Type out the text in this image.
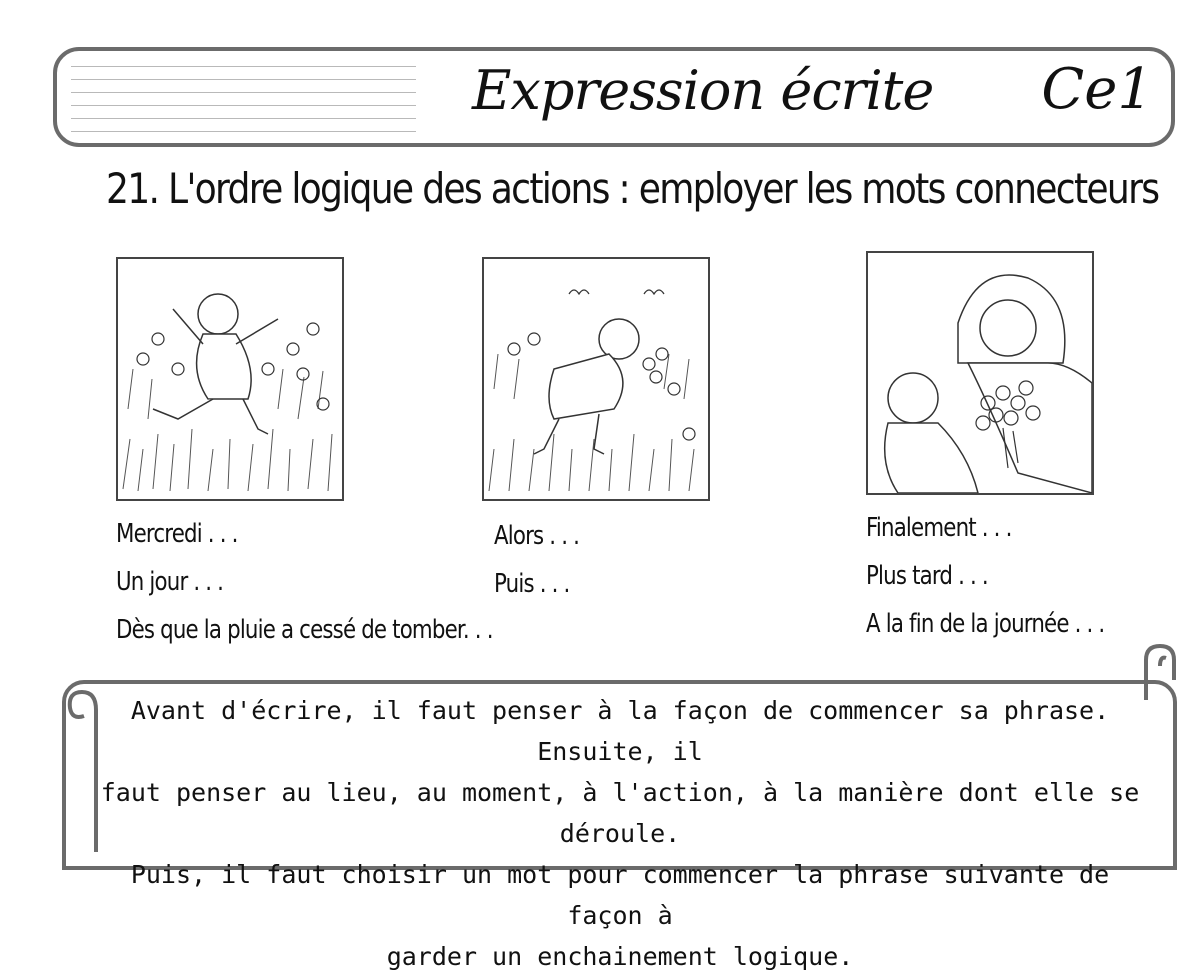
Expression écrite Ce1
21. L'ordre logique des actions : employer les mots connecteurs
Mercredi . . .
Un jour . . .
Dès que la pluie a cessé de tomber. . .
Alors . . .
Puis . . .
Finalement . . .
Plus tard . . .
A la fin de la journée . . .
Avant d'écrire, il faut penser à la façon de commencer sa phrase. Ensuite, il
faut penser au lieu, au moment, à l'action, à la manière dont elle se déroule.
Puis, il faut choisir un mot pour commencer la phrase suivante de façon à
garder un enchainement logique.
